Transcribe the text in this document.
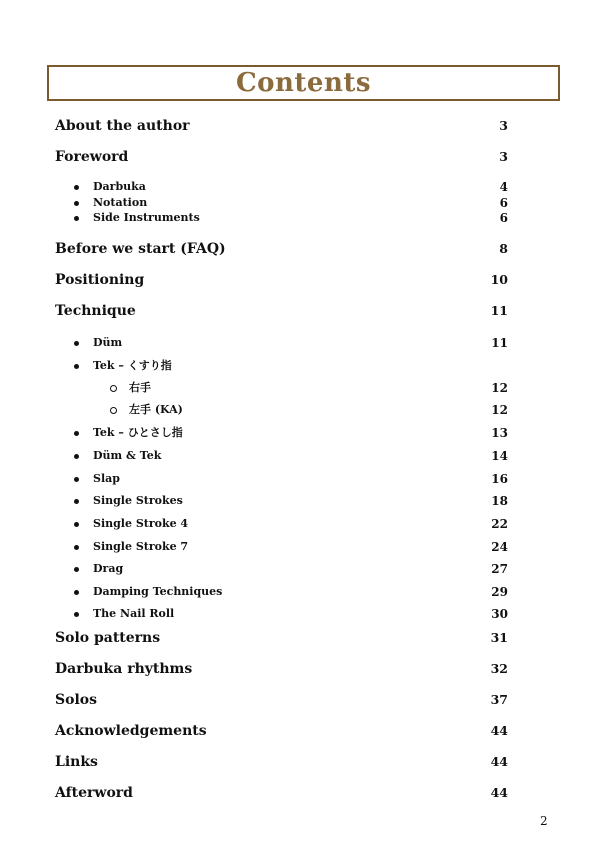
Contents
About the author	3
Foreword	3
Darbuka	4
Notation	6
Side Instruments	6
Before we start (FAQ)	8
Positioning	10
Technique	11
Düm	11
Tek – くすり指
右手	12
左手 (KA)	12
Tek – ひとさし指	13
Düm & Tek	14
Slap	16
Single Strokes	18
Single Stroke 4	22
Single Stroke 7	24
Drag	27
Damping Techniques	29
The Nail Roll	30
Solo patterns	31
Darbuka rhythms	32
Solos	37
Acknowledgements	44
Links	44
Afterword	44
2
